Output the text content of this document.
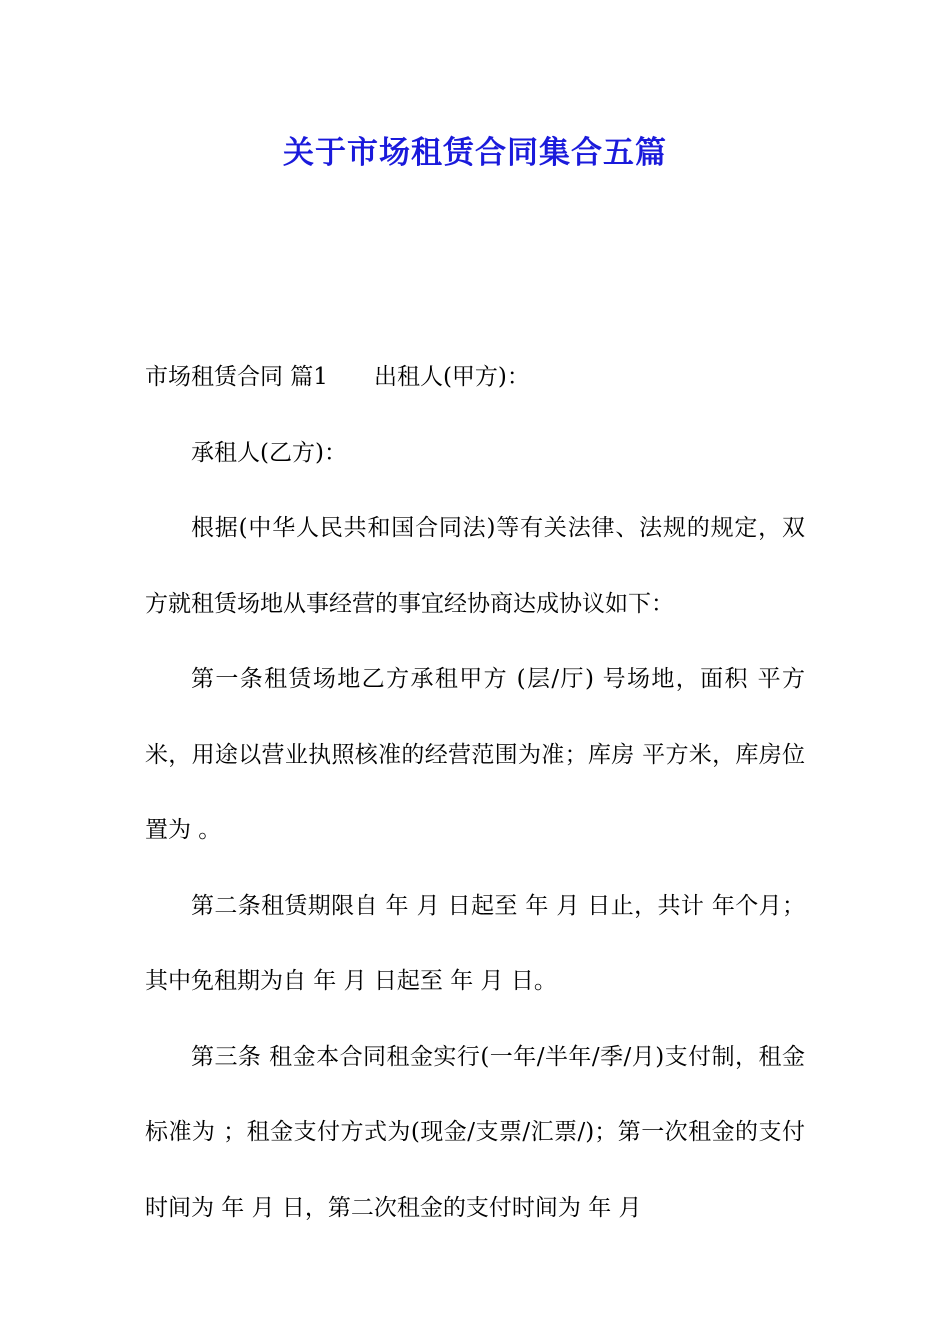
关于市场租赁合同集合五篇

市场租赁合同 篇1 出租人(甲方)：

承租人(乙方)：

根据(中华人民共和国合同法)等有关法律、法规的规定，双方就租赁场地从事经营的事宜经协商达成协议如下：

第一条租赁场地乙方承租甲方 (层/厅) 号场地，面积 平方米，用途以营业执照核准的经营范围为准；库房 平方米，库房位置为 。

第二条租赁期限自 年 月 日起至 年 月 日止，共计 年个月；其中免租期为自 年 月 日起至 年 月 日。

第三条 租金本合同租金实行(一年/半年/季/月)支付制，租金标准为 ；租金支付方式为(现金/支票/汇票/)；第一次租金的支付时间为 年 月 日，第二次租金的支付时间为 年 月
